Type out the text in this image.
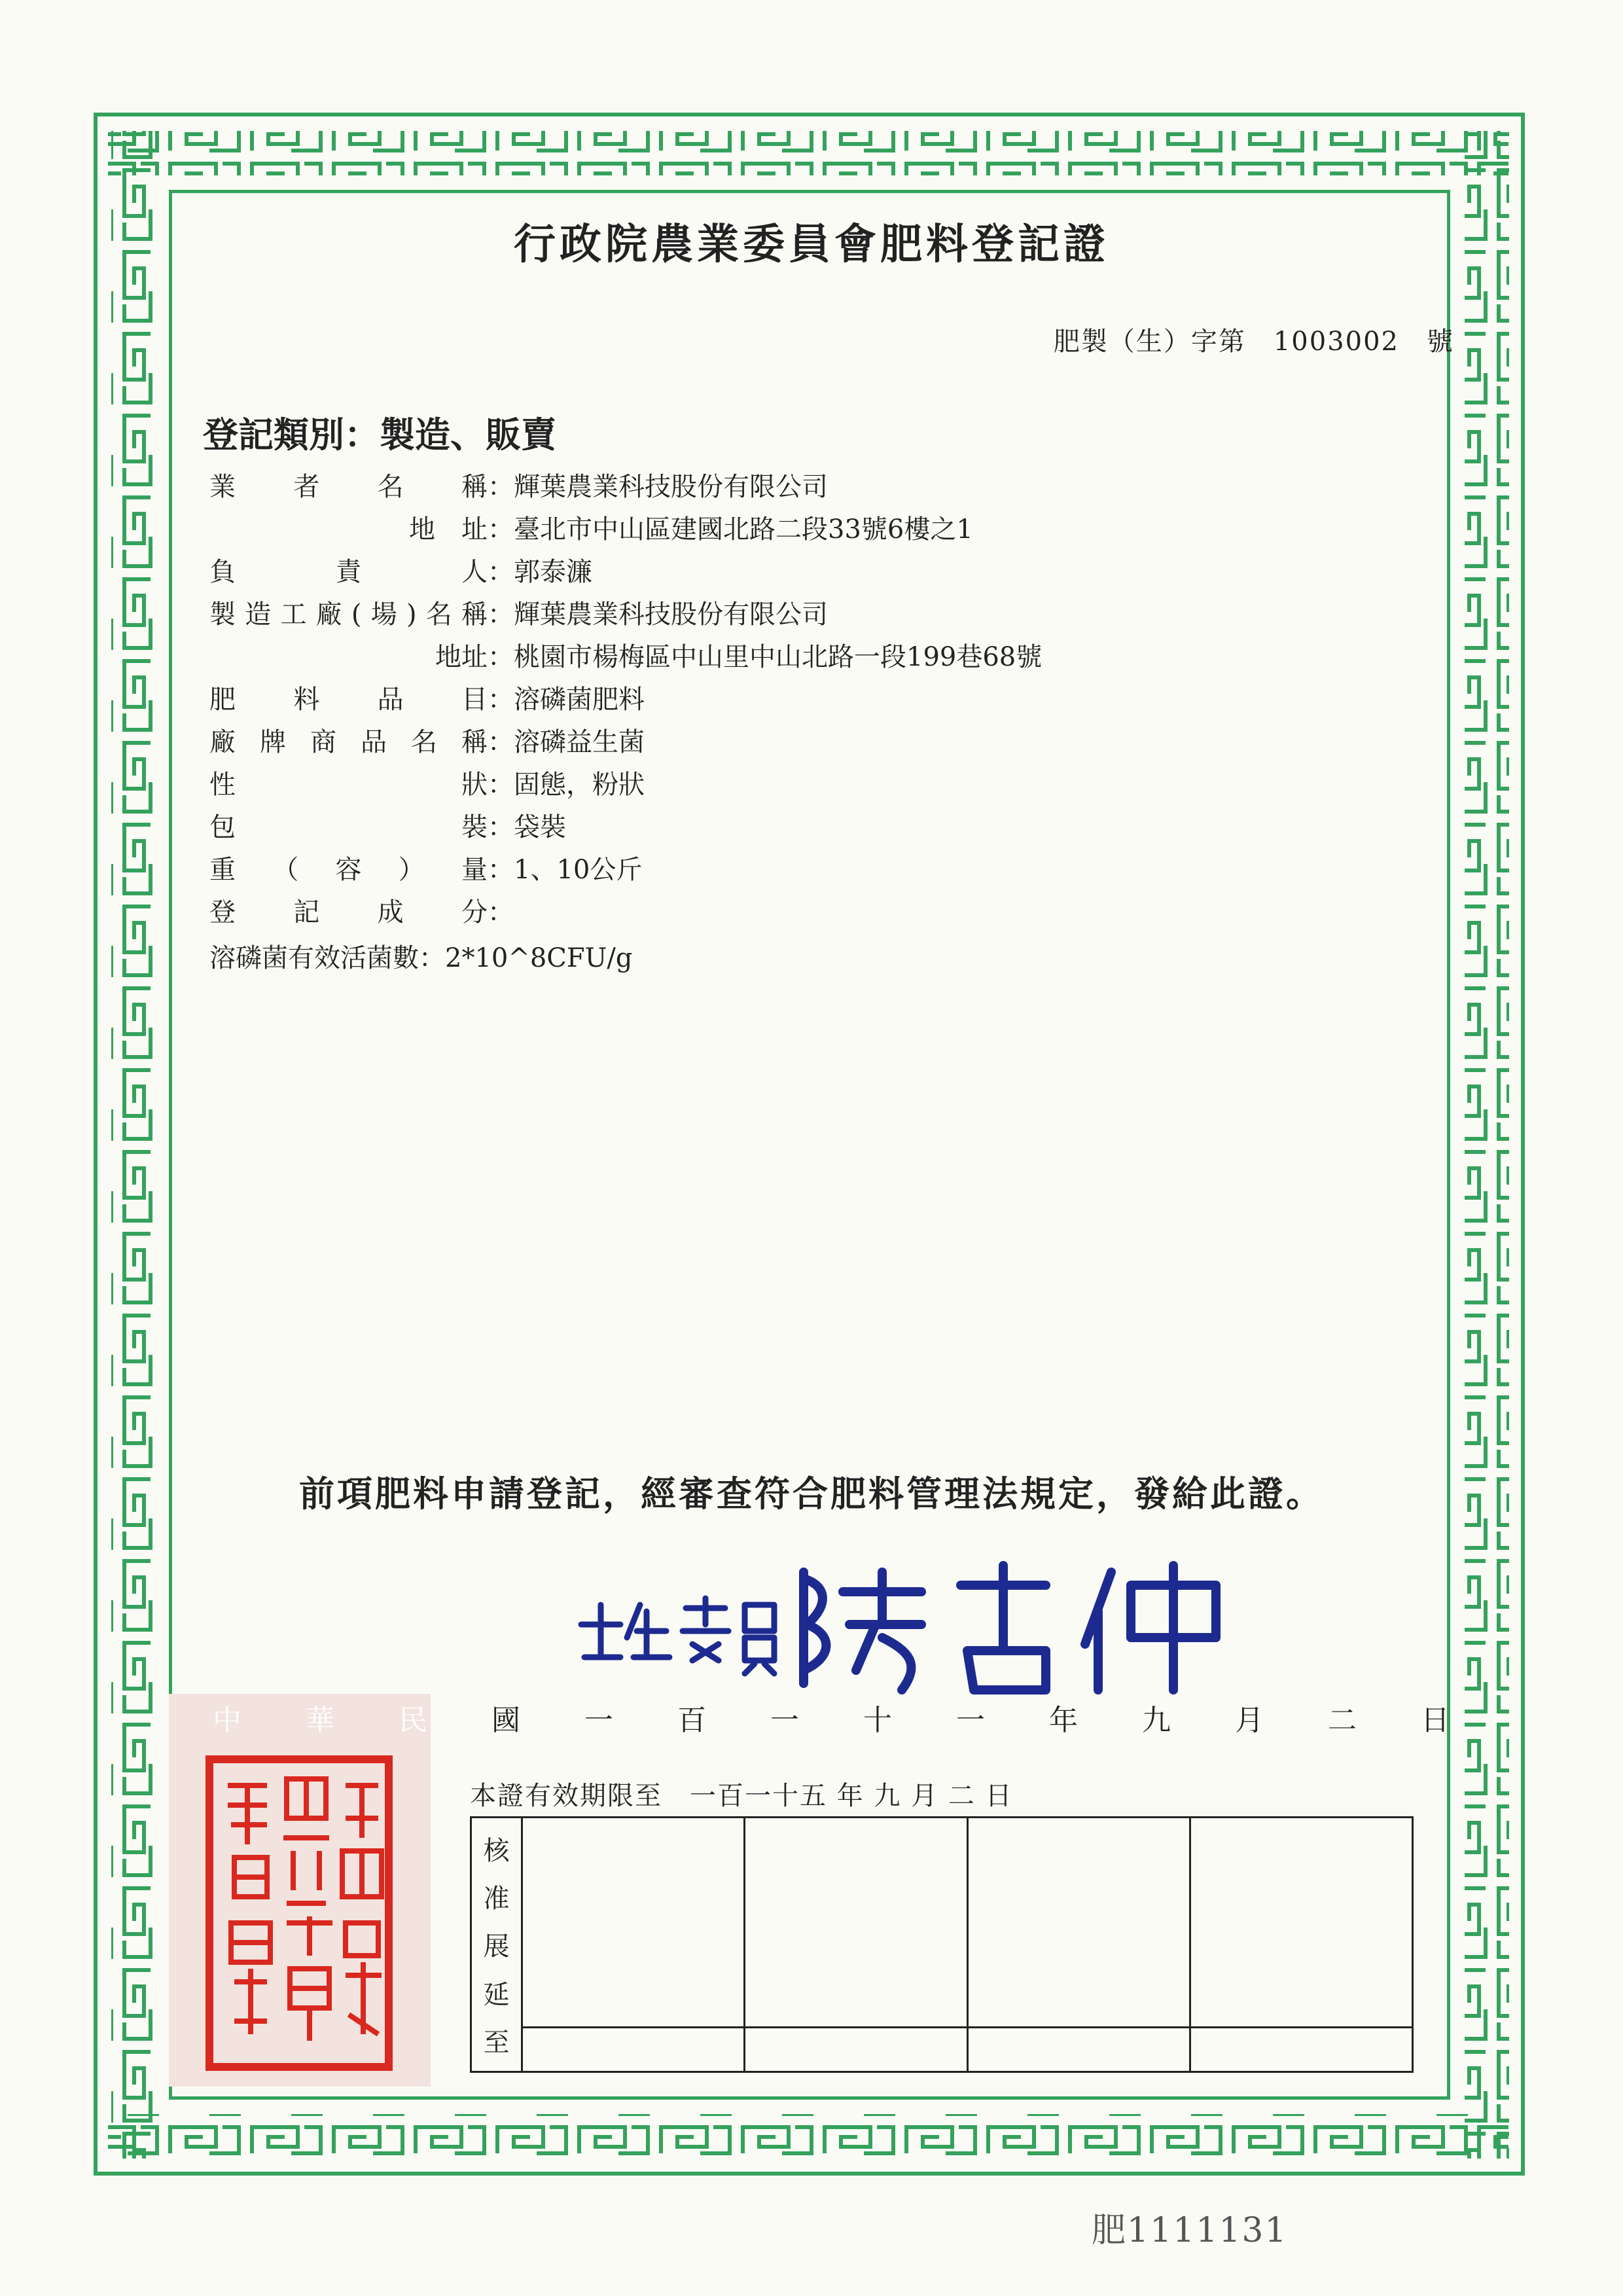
行政院農業委員會肥料登記證
肥製（生）字第　1003002　號
登記類別：製造、販賣
業者名稱：輝葉農業科技股份有限公司
地　址：臺北市中山區建國北路二段33號6樓之1
負責人：郭泰濂
製造工廠(場)名稱：輝葉農業科技股份有限公司
地址：桃園市楊梅區中山里中山北路一段199巷68號
肥料品目：溶磷菌肥料
廠牌商品名稱：溶磷益生菌
性狀：固態，粉狀
包裝：袋裝
重（容）量：1、10公斤
登記成分：
溶磷菌有效活菌數：2*10^8CFU/g
前項肥料申請登記，經審查符合肥料管理法規定，發給此證。
中 華 民 國 一 百 一 十 一 年 九 月 二 日
本證有效期限至　一百一十五 年 九 月 二 日
核
准
展
延
至
肥1111131
